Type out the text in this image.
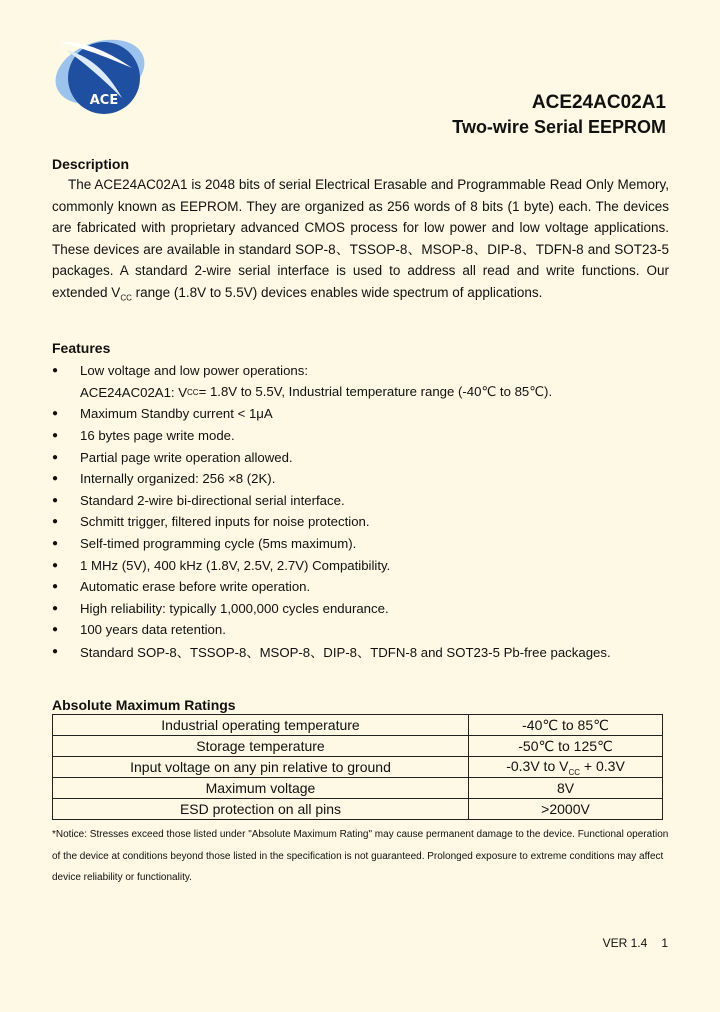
ACE	ACE24AC02A1
Two-wire Serial EEPROM
Description

The ACE24AC02A1 is 2048 bits of serial Electrical Erasable and Programmable Read Only Memory, commonly known as EEPROM. They are organized as 256 words of 8 bits (1 byte) each. The devices are fabricated with proprietary advanced CMOS process for low power and low voltage applications. These devices are available in standard SOP-8、TSSOP-8、MSOP-8、DIP-8、TDFN-8 and SOT23-5 packages. A standard 2-wire serial interface is used to address all read and write functions. Our extended $V_{CC}$ range (1.8V to 5.5V) devices enables wide spectrum of applications.

Features
●	Low voltage and low power operations:
ACE24AC02A1: V CC = 1.8V to 5.5V, Industrial temperature range (-40℃ to 85℃).
●	Maximum Standby current < 1μA
●	16 bytes page write mode.
●	Partial page write operation allowed.
●	Internally organized: 256 ×8 (2K).
●	Standard 2-wire bi-directional serial interface.
●	Schmitt trigger, filtered inputs for noise protection.
●	Self-timed programming cycle (5ms maximum).
●	1 MHz (5V), 400 kHz (1.8V, 2.5V, 2.7V) Compatibility.
●	Automatic erase before write operation.
●	High reliability: typically 1,000,000 cycles endurance.
●	100 years data retention.
●	Standard SOP-8、TSSOP-8、MSOP-8、DIP-8、TDFN-8 and SOT23-5 Pb-free packages.
Absolute Maximum Ratings
Industrial operating temperature	-40℃ to 85℃
Storage temperature	-50℃ to 125℃
Input voltage on any pin relative to ground	-0.3V to $V_{CC} + 0.3V$
Maximum voltage	8V
ESD protection on all pins	>2000V
*Notice: Stresses exceed those listed under "Absolute Maximum Rating" may cause permanent damage to the device. Functional operation of the device at conditions beyond those listed in the specification is not guaranteed. Prolonged exposure to extreme conditions may affect device reliability or functionality.
VER 1.4 1
